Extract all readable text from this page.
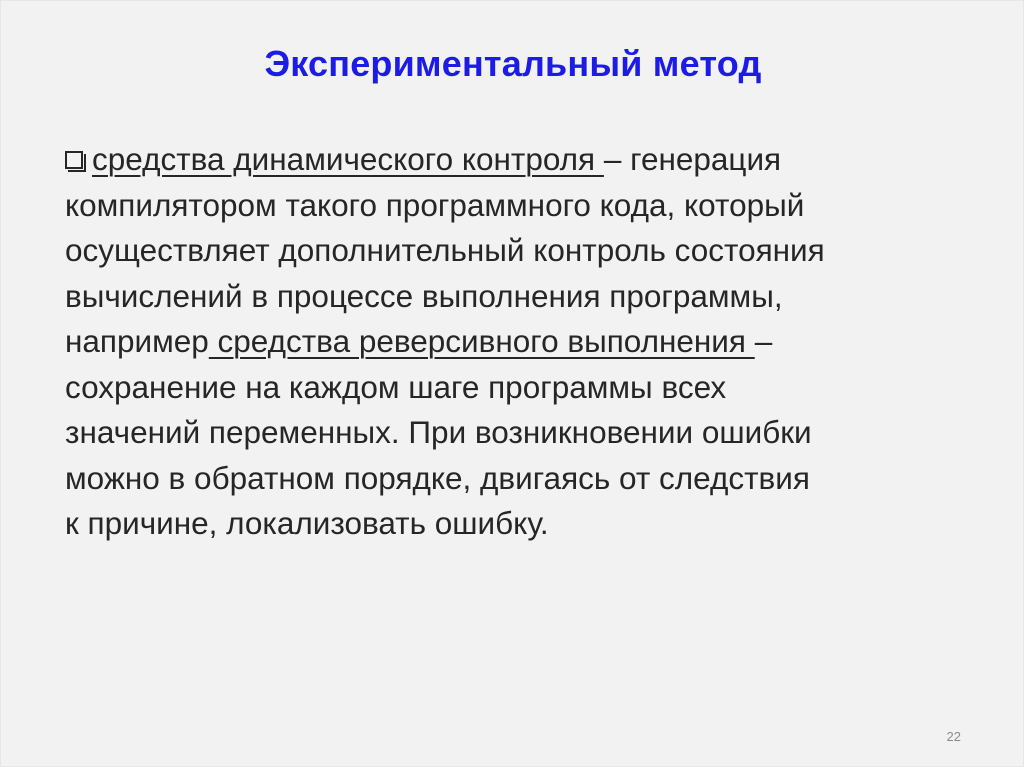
Экспериментальный метод
средства динамического контроля – генерация
компилятором такого программного кода, который
осуществляет дополнительный контроль состояния
вычислений в процессе выполнения программы,
например средства реверсивного выполнения –
сохранение на каждом шаге программы всех
значений переменных. При возникновении ошибки
можно в обратном порядке, двигаясь от следствия
к причине, локализовать ошибку.
22
